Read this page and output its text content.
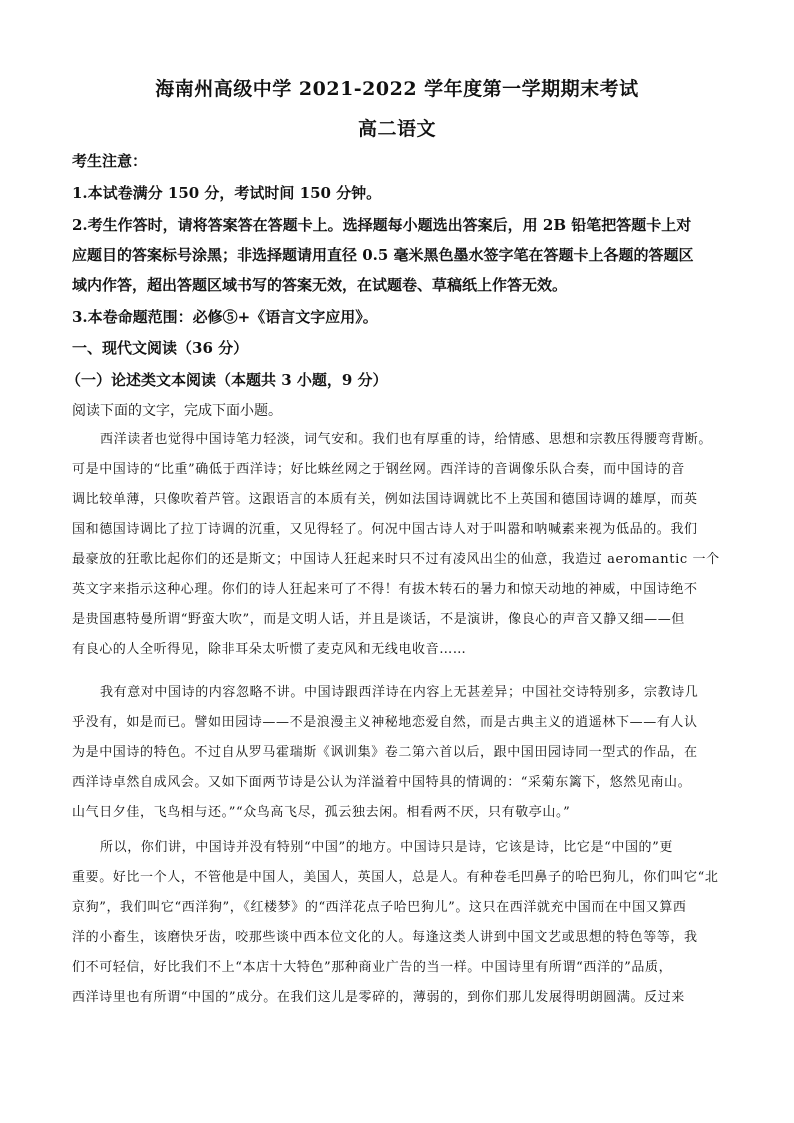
海南州高级中学 2021-2022 学年度第一学期期末考试
高二语文
考生注意：
1.本试卷满分 150 分，考试时间 150 分钟。
2.考生作答时，请将答案答在答题卡上。选择题每小题选出答案后，用 2B 铅笔把答题卡上对
应题目的答案标号涂黑；非选择题请用直径 0.5 毫米黑色墨水签字笔在答题卡上各题的答题区
域内作答，超出答题区域书写的答案无效，在试题卷、草稿纸上作答无效。
3.本卷命题范围：必修⑤+《语言文字应用》。
一、现代文阅读（36 分）
（一）论述类文本阅读（本题共 3 小题，9 分）
阅读下面的文字，完成下面小题。
西洋读者也觉得中国诗笔力轻淡，词气安和。我们也有厚重的诗，给情感、思想和宗教压得腰弯背断。
可是中国诗的“比重”确低于西洋诗；好比蛛丝网之于钢丝网。西洋诗的音调像乐队合奏，而中国诗的音
调比较单薄，只像吹着芦管。这跟语言的本质有关，例如法国诗调就比不上英国和德国诗调的雄厚，而英
国和德国诗调比了拉丁诗调的沉重，又见得轻了。何况中国古诗人对于叫嚣和呐喊素来视为低品的。我们
最豪放的狂歌比起你们的还是斯文；中国诗人狂起来时只不过有凌风出尘的仙意，我造过 aeromantic 一个
英文字来指示这种心理。你们的诗人狂起来可了不得！有拔木转石的暑力和惊天动地的神威，中国诗绝不
是贵国惠特曼所谓“野蛮大吹”，而是文明人话，并且是谈话，不是演讲，像良心的声音又静又细——但
有良心的人全听得见，除非耳朵太听惯了麦克风和无线电收音……
我有意对中国诗的内容忽略不讲。中国诗跟西洋诗在内容上无甚差异；中国社交诗特别多，宗教诗几
乎没有，如是而已。譬如田园诗——不是浪漫主义神秘地恋爱自然，而是古典主义的逍遥林下——有人认
为是中国诗的特色。不过自从罗马霍瑞斯《讽训集》卷二第六首以后，跟中国田园诗同一型式的作品，在
西洋诗卓然自成风会。又如下面两节诗是公认为洋溢着中国特具的情调的：“采菊东篱下，悠然见南山。
山气日夕佳，飞鸟相与还。”“众鸟高飞尽，孤云独去闲。相看两不厌，只有敬亭山。”
所以，你们讲，中国诗并没有特别“中国”的地方。中国诗只是诗，它该是诗，比它是“中国的”更
重要。好比一个人，不管他是中国人，美国人，英国人，总是人。有种卷毛凹鼻子的哈巴狗儿，你们叫它“北
京狗”，我们叫它“西洋狗”，《红楼梦》的“西洋花点子哈巴狗儿”。这只在西洋就充中国而在中国又算西
洋的小畜生，该磨快牙齿，咬那些谈中西本位文化的人。每逢这类人讲到中国文艺或思想的特色等等，我
们不可轻信，好比我们不上“本店十大特色”那种商业广告的当一样。中国诗里有所谓“西洋的”品质，
西洋诗里也有所谓“中国的”成分。在我们这儿是零碎的，薄弱的，到你们那儿发展得明朗圆满。反过来
